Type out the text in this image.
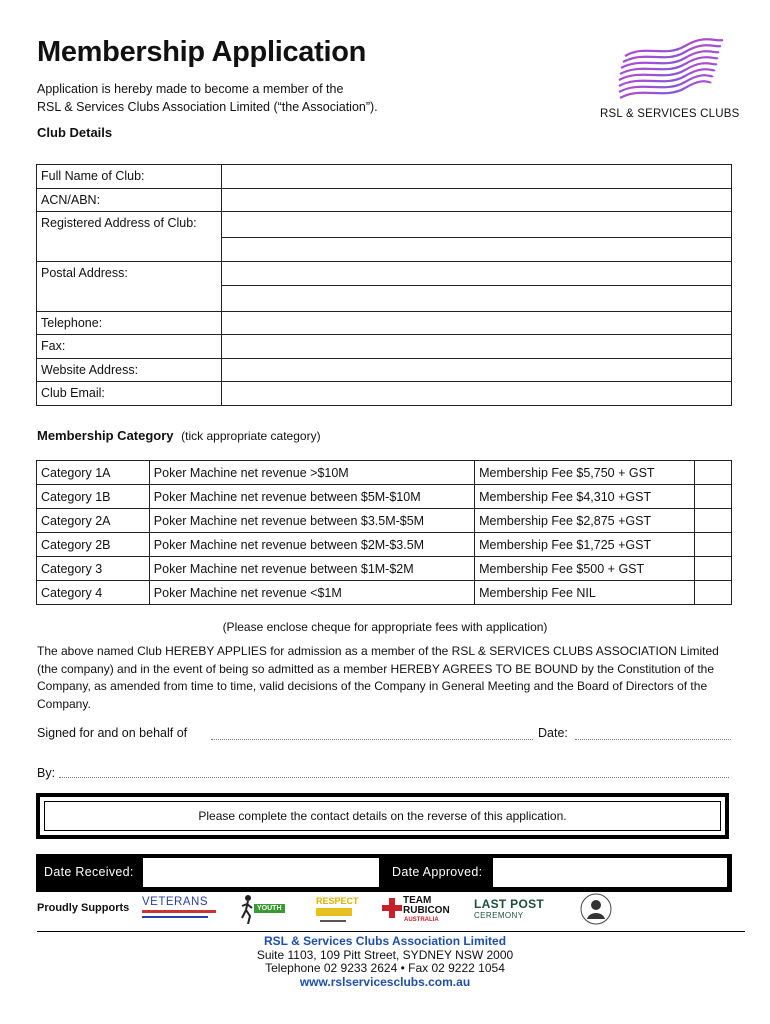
Membership Application
Application is hereby made to become a member of the
RSL & Services Clubs Association Limited (“the Association”).	RSL & SERVICES CLUBS
Club Details
Full Name of Club:	
ACN/ABN:	
Registered Address of Club:	

Postal Address:	

Telephone:	
Fax:	
Website Address:	
Club Email:	
Membership Category (tick appropriate category)
Category 1A	Poker Machine net revenue >$10M	Membership Fee $5,750 + GST	
Category 1B	Poker Machine net revenue between $5M-$10M	Membership Fee $4,310 +GST	
Category 2A	Poker Machine net revenue between $3.5M-$5M	Membership Fee $2,875 +GST	
Category 2B	Poker Machine net revenue between $2M-$3.5M	Membership Fee $1,725 +GST	
Category 3	Poker Machine net revenue between $1M-$2M	Membership Fee $500 + GST	
Category 4	Poker Machine net revenue <$1M	Membership Fee NIL	
(Please enclose cheque for appropriate fees with application)
The above named Club HEREBY APPLIES for admission as a member of the RSL & SERVICES CLUBS ASSOCIATION Limited (the company) and in the event of being so admitted as a member HEREBY AGREES TO BE BOUND by the Constitution of the Company, as amended from time to time, valid decisions of the Company in General Meeting and the Board of Directors of the Company.
Signed for and on behalf of	Date:
By:
Please complete the contact details on the reverse of this application.
Date Received:	Date Approved:
Proudly Supports VETERANS
YOUTH
RESPECT	TEAM RUBICON
AUSTRALIA
LAST POST
CEREMONY
RSL & Services Clubs Association Limited
Suite 1103, 109 Pitt Street, SYDNEY NSW 2000
Telephone 02 9233 2624 • Fax 02 9222 1054
www.rslservicesclubs.com.au
